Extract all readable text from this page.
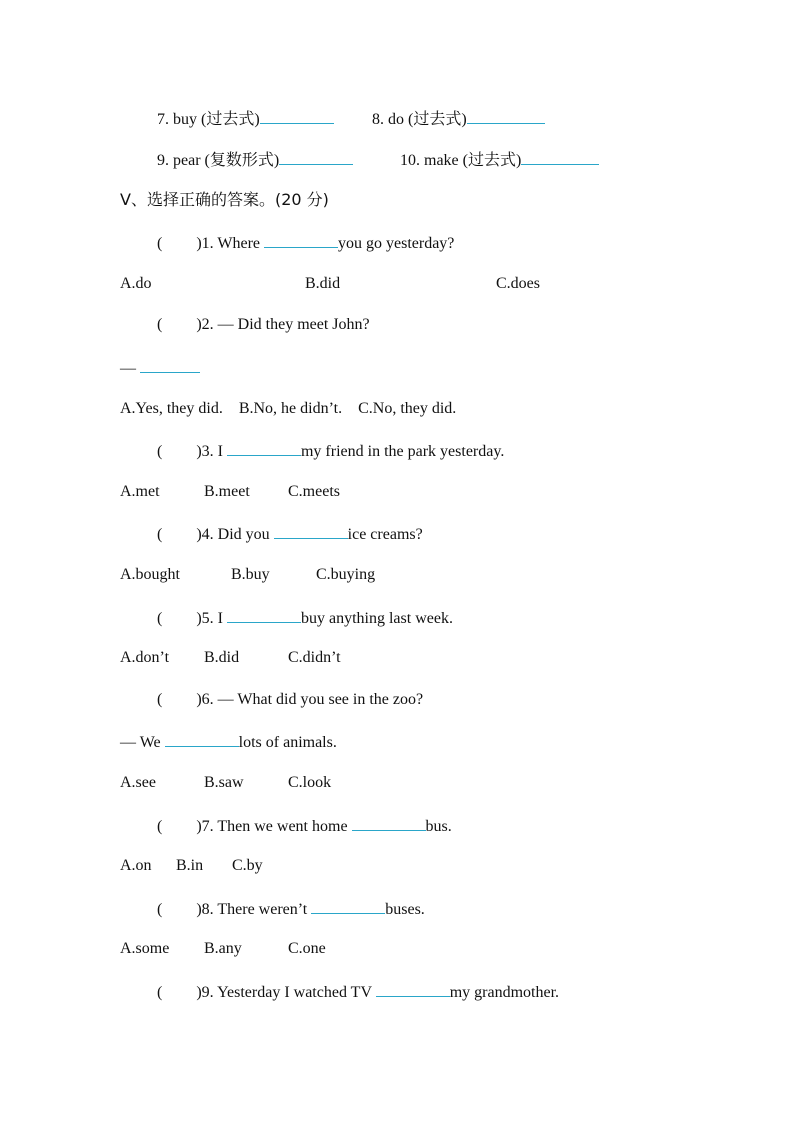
7. buy (过去式)	8. do (过去式)
9. pear (复数形式)	10. make (过去式)
Ⅴ、选择正确的答案。(20 分)
( )1. Where	you go yesterday?
A.do	B.did	C.does
( )2. — Did they meet John?
—
A.Yes, they did.    B.No, he didn’t.    C.No, they did.
( )3. I	my friend in the park yesterday.
A.met	B.meet C.meets
( )4. Did you	ice creams?
A.bought	B.buy	C.buying
( )5. I	buy anything last week.
A.don’t B.did	C.didn’t
( )6. — What did you see in the zoo?
— We	lots of animals.
A.see	B.saw	C.look
( )7. Then we went home	bus.
A.on B.in C.by
( )8. There weren’t	buses.
A.some B.any	C.one
( )9. Yesterday I watched TV	my grandmother.
